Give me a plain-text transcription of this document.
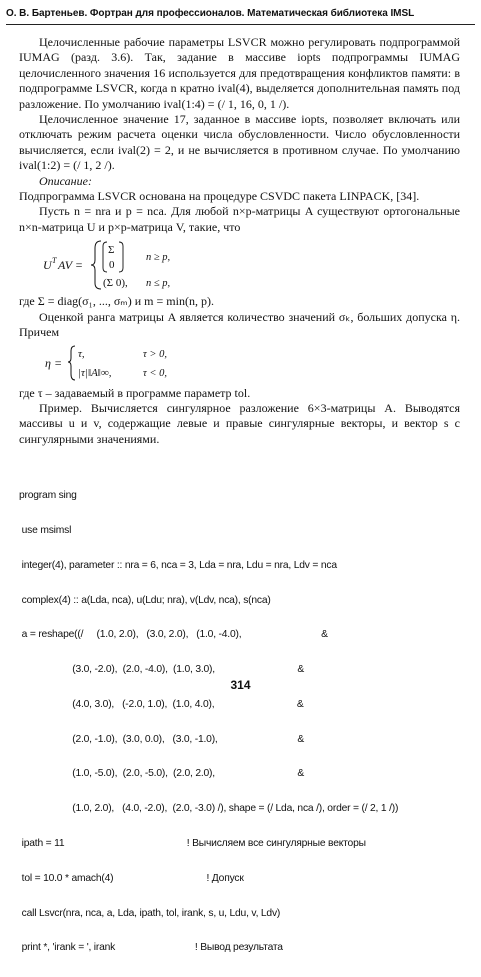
О. В. Бартеньев. Фортран для профессионалов. Математическая библиотека IMSL

Целочисленные рабочие параметры LSVCR можно регулировать подпрограммой IUMAG (разд. 3.6). Так, задание в массиве iopts подпрограммы IUMAG целочисленного значения 16 используется для предотвращения конфликтов памяти: в подпрограмме LSVCR, когда n кратно ival(4), выделяется дополнительная память под разложение. По умолчанию ival(1:4) = (/ 1, 16, 0, 1 /).

Целочисленное значение 17, заданное в массиве iopts, позволяет включать или отключать режим расчета оценки числа обусловленности. Число обусловленности вычисляется, если ival(2) = 2, и не вычисляется в противном случае. По умолчанию ival(1:2) = (/ 1, 2 /).

Описание:

Подпрограмма LSVCR основана на процедуре CSVDC пакета LINPACK, [34].

Пусть n = nra и p = nca. Для любой n×p-матрицы A существуют ортогональные n×n-матрица U и p×p-матрица V, такие, что

U T AV =
Σ
0
n ≥ p,
(Σ 0), n ≤ p,

где Σ = diag(σ₁, ..., σₘ) и m = min(n, p).

Оценкой ранга матрицы A является количество значений σₖ, больших допуска η. Причем

η =
τ,	τ > 0,
|τ|‖A‖∞,	τ < 0,

где τ – задаваемый в программе параметр tol.

Пример. Вычисляется сингулярное разложение 6×3-матрицы A. Выводятся массивы u и v, содержащие левые и правые сингулярные векторы, и вектор s с сингулярными значениями.

program sing

use msimsl

integer(4), parameter :: nra = 6, nca = 3, Lda = nra, Ldu = nra, Ldv = nca

complex(4) :: a(Lda, nca), u(Ldu; nra), v(Ldv, nca), s(nca)

a = reshape((/     (1.0, 2.0),   (3.0, 2.0),   (1.0, -4.0),                              &

(3.0, -2.0),  (2.0, -4.0),  (1.0, 3.0),                               &

(4.0, 3.0),   (-2.0, 1.0),  (1.0, 4.0),                               &

(2.0, -1.0),  (3.0, 0.0),   (3.0, -1.0),                              &

(1.0, -5.0),  (2.0, -5.0),  (2.0, 2.0),                               &

(1.0, 2.0),   (4.0, -2.0),  (2.0, -3.0) /), shape = (/ Lda, nca /), order = (/ 2, 1 /))

ipath = 11                                              ! Вычисляем все сингулярные векторы

tol = 10.0 * amach(4)                                   ! Допуск

call Lsvcr(nra, nca, a, Lda, ipath, tol, irank, s, u, Ldu, v, Ldv)

print *, 'irank = ', irank                              ! Вывод результата

314
